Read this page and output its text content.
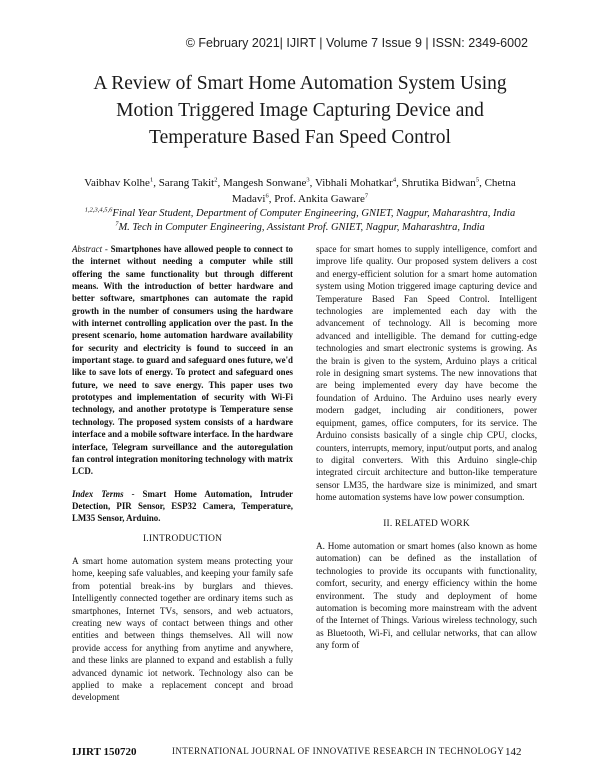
© February 2021| IJIRT | Volume 7 Issue 9 | ISSN: 2349-6002
A Review of Smart Home Automation System Using
Motion Triggered Image Capturing Device and
Temperature Based Fan Speed Control
Vaibhav Kolhe$^1$, Sarang Takit$^2$, Mangesh Sonwane$^3$, Vibhali Mohatkar$^4$, Shrutika Bidwan$^5$, Chetna Madavi$^6$, Prof. Ankita Gaware$^7$
$^{1,2,3,4,5,6}$Final Year Student, Department of Computer Engineering, GNIET, Nagpur, Maharashtra, India
$^7$M. Tech in Computer Engineering, Assistant Prof. GNIET, Nagpur, Maharashtra, India

Abstract - Smartphones have allowed people to connect to the internet without needing a computer while still offering the same functionality but through different means. With the introduction of better hardware and better software, smartphones can automate the rapid growth in the number of consumers using the hardware with internet controlling application over the past. In the present scenario, home automation hardware availability for security and electricity is found to succeed in an important stage. to guard and safeguard ones future, we'd like to save lots of energy. To protect and safeguard ones future, we need to save energy. This paper uses two prototypes and implementation of security with Wi-Fi technology, and another prototype is Temperature sense technology. The proposed system consists of a hardware interface and a mobile software interface. In the hardware interface, Telegram surveillance and the autoregulation fan control integration monitoring technology with matrix LCD.

Index Terms - Smart Home Automation, Intruder Detection, PIR Sensor, ESP32 Camera, Temperature, LM35 Sensor, Arduino.

I.INTRODUCTION

A smart home automation system means protecting your home, keeping safe valuables, and keeping your family safe from potential break-ins by burglars and thieves. Intelligently connected together are ordinary items such as smartphones, Internet TVs, sensors, and web actuators, creating new ways of contact between things and other entities and between things themselves. All will now provide access for anything from anytime and anywhere, and these links are planned to expand and establish a fully advanced dynamic iot network. Technology also can be applied to make a replacement concept and broad development

space for smart homes to supply intelligence, comfort and improve life quality. Our proposed system delivers a cost and energy-efficient solution for a smart home automation system using Motion triggered image capturing device and Temperature Based Fan Speed Control. Intelligent technologies are implemented each day with the advancement of technology. All is becoming more advanced and intelligible. The demand for cutting-edge technologies and smart electronic systems is growing. As the brain is given to the system, Arduino plays a critical role in designing smart systems. The new innovations that are being implemented every day have become the foundation of Arduino. The Arduino uses nearly every modern gadget, including air conditioners, power equipment, games, office computers, for its service. The Arduino consists basically of a single chip CPU, clocks, counters, interrupts, memory, input/output ports, and analog to digital converters. With this Arduino single-chip integrated circuit architecture and button-like temperature sensor LM35, the hardware size is minimized, and smart home automation systems have low power consumption.

II. RELATED WORK

A. Home automation or smart homes (also known as home automation) can be defined as the installation of technologies to provide its occupants with functionality, comfort, security, and energy efficiency within the home environment. The study and deployment of home automation is becoming more mainstream with the advent of the Internet of Things. Various wireless technology, such as Bluetooth, Wi-Fi, and cellular networks, that can allow any form of

IJIRT 150720	INTERNATIONAL JOURNAL OF INNOVATIVE RESEARCH IN TECHNOLOGY 142
